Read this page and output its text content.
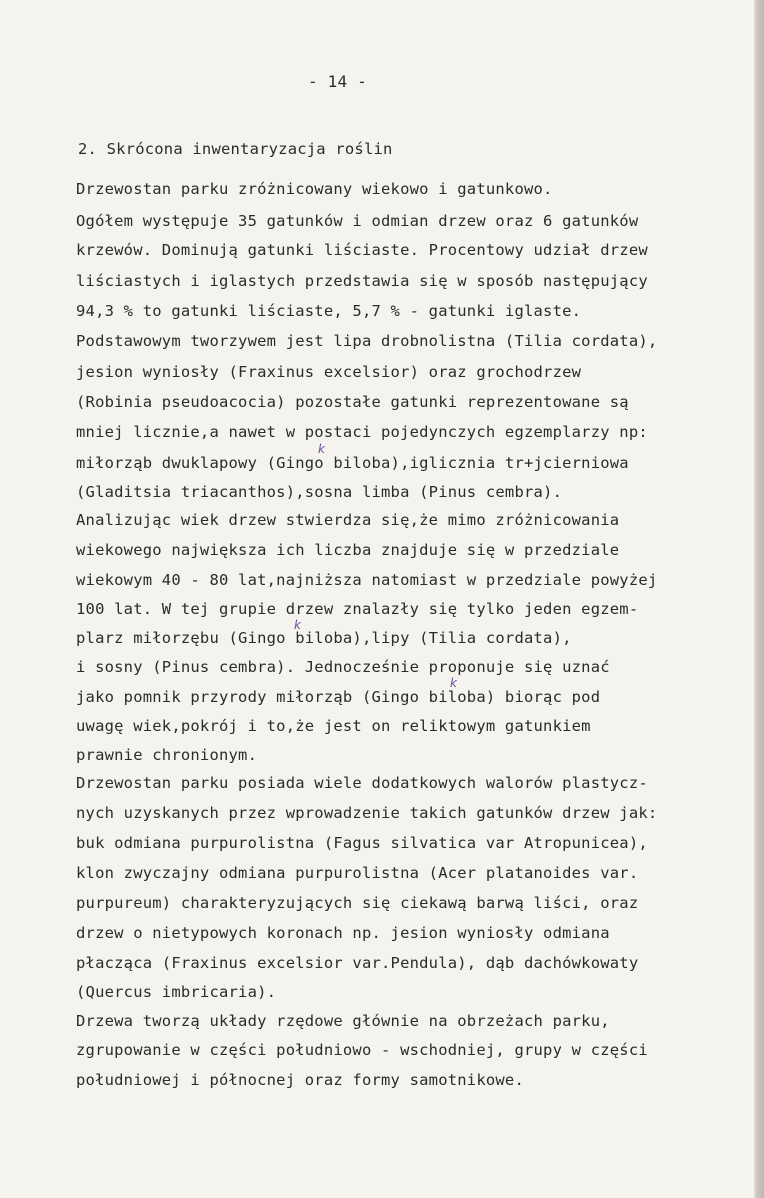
- 14 -
2. Skrócona inwentaryzacja roślin
Drzewostan parku zróżnicowany wiekowo i gatunkowo.
Ogółem występuje 35 gatunków i odmian drzew oraz 6 gatunków
krzewów. Dominują gatunki liściaste. Procentowy udział drzew
liściastych i iglastych przedstawia się w sposób następujący
94,3 % to gatunki liściaste, 5,7 % - gatunki iglaste.
Podstawowym tworzywem jest lipa drobnolistna (Tilia cordata),
jesion wyniosły (Fraxinus excelsior) oraz grochodrzew
(Robinia pseudoacocia) pozostałe gatunki reprezentowane są
mniej licznie,a nawet w postaci pojedynczych egzemplarzy np:
miłorząb dwuklapowy (Gingo biloba),iglicznia tr+jcierniowa
(Gladitsia triacanthos),sosna limba (Pinus cembra).
Analizując wiek drzew stwierdza się,że mimo zróżnicowania
wiekowego największa ich liczba znajduje się w przedziale
wiekowym 40 - 80 lat,najniższa natomiast w przedziale powyżej
100 lat. W tej grupie drzew znalazły się tylko jeden egzem-
plarz miłorzębu (Gingo biloba),lipy (Tilia cordata),
i sosny (Pinus cembra). Jednocześnie proponuje się uznać
jako pomnik przyrody miłorząb (Gingo biloba) biorąc pod
uwagę wiek,pokrój i to,że jest on reliktowym gatunkiem
prawnie chronionym.
Drzewostan parku posiada wiele dodatkowych walorów plastycz-
nych uzyskanych przez wprowadzenie takich gatunków drzew jak:
buk odmiana purpurolistna (Fagus silvatica var Atropunicea),
klon zwyczajny odmiana purpurolistna (Acer platanoides var.
purpureum) charakteryzujących się ciekawą barwą liści, oraz
drzew o nietypowych koronach np. jesion wyniosły odmiana
płacząca (Fraxinus excelsior var.Pendula), dąb dachówkowaty
(Quercus imbricaria).
Drzewa tworzą układy rzędowe głównie na obrzeżach parku,
zgrupowanie w części południowo - wschodniej, grupy w części
południowej i północnej oraz formy samotnikowe.
k
k
k
